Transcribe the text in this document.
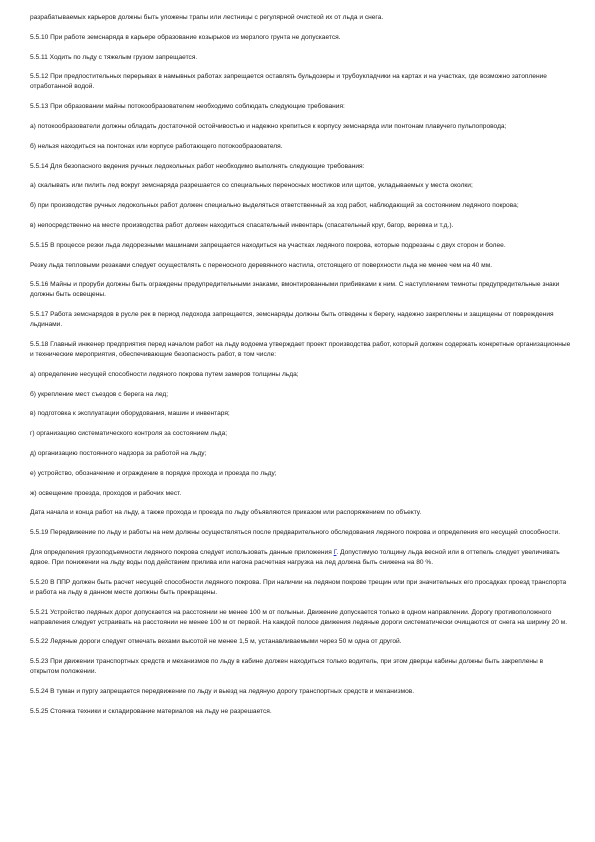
разрабатываемых карьеров должны быть уложены трапы или лестницы с регулярной очисткой их от льда и снега.

5.5.10 При работе земснаряда в карьере образование козырьков из мерзлого грунта не допускается.

5.5.11 Ходить по льду с тяжелым грузом запрещается.

5.5.12 При предпостительных перерывах в намывных работах запрещается оставлять бульдозеры и трубоукладчики на картах и на участках, где возможно затопление отработанной водой.

5.5.13 При образовании майны потокообразователем необходимо соблюдать следующие требования:

а) потокообразователи должны обладать достаточной остойчивостью и надежно крепиться к корпусу земснаряда или понтонам плавучего пульпопровода;

б) нельзя находиться на понтонах или корпусе работающего потокообразователя.

5.5.14 Для безопасного ведения ручных ледокольных работ необходимо выполнять следующие требования:

а) скалывать или пилить лед вокруг земснаряда разрешается со специальных переносных мостиков или щитов, укладываемых у места околки;

б) при производстве ручных ледокольных работ должен специально выделяться ответственный за ход работ, наблюдающий за состоянием ледяного покрова;

в) непосредственно на месте производства работ должен находиться спасательный инвентарь (спасательный круг, багор, веревка и т.д.).

5.5.15 В процессе резки льда ледорезными машинами запрещается находиться на участках ледяного покрова, которые подрезаны с двух сторон и более.

Резку льда тепловыми резаками следует осуществлять с переносного деревянного настила, отстоящего от поверхности льда не менее чем на 40 мм.

5.5.16 Майны и проруби должны быть ограждены предупредительными знаками, вмонтированными прибивками к ним. С наступлением темноты предупредительные знаки должны быть освещены.

5.5.17 Работа земснарядов в русле рек в период ледохода запрещается, земснаряды должны быть отведены к берегу, надежно закреплены и защищены от повреждения льдинами.

5.5.18 Главный инженер предприятия перед началом работ на льду водоема утверждает проект производства работ, который должен содержать конкретные организационные и технические мероприятия, обеспечивающие безопасность работ, в том числе:

а) определение несущей способности ледяного покрова путем замеров толщины льда;

б) укрепление мест съездов с берега на лед;

в) подготовка к эксплуатации оборудования, машин и инвентаря;

г) организацию систематического контроля за состоянием льда;

д) организацию постоянного надзора за работой на льду;

е) устройство, обозначение и ограждение в порядке прохода и проезда по льду;

ж) освещение проезда, проходов и рабочих мест.

Дата начала и конца работ на льду, а также прохода и проезда по льду объявляются приказом или распоряжением по объекту.

5.5.19 Передвижение по льду и работы на нем должны осуществляться после предварительного обследования ледяного покрова и определения его несущей способности.

Для определения грузоподъемности ледяного покрова следует использовать данные приложения Г. Допустимую толщину льда весной или в оттепель следует увеличивать вдвое. При понижении на льду воды под действием прилива или нагона расчетная нагрузка на лед должна быть снижена на 80 %.

5.5.20 В ППР должен быть расчет несущей способности ледяного покрова. При наличии на ледяном покрове трещин или при значительных его просадках проезд транспорта и работа на льду в данном месте должны быть прекращены.

5.5.21 Устройство ледяных дорог допускается на расстоянии не менее 100 м от полыньи. Движение допускается только в одном направлении. Дорогу противоположного направления следует устраивать на расстоянии не менее 100 м от первой. На каждой полосе движения ледяные дороги систематически очищаются от снега на ширину 20 м.

5.5.22 Ледяные дороги следует отмечать вехами высотой не менее 1,5 м, устанавливаемыми через 50 м одна от другой.

5.5.23 При движении транспортных средств и механизмов по льду в кабине должен находиться только водитель, при этом дверцы кабины должны быть закреплены в открытом положении.

5.5.24 В туман и пургу запрещается передвижение по льду и выезд на ледяную дорогу транспортных средств и механизмов.

5.5.25 Стоянка техники и складирование материалов на льду не разрешается.
